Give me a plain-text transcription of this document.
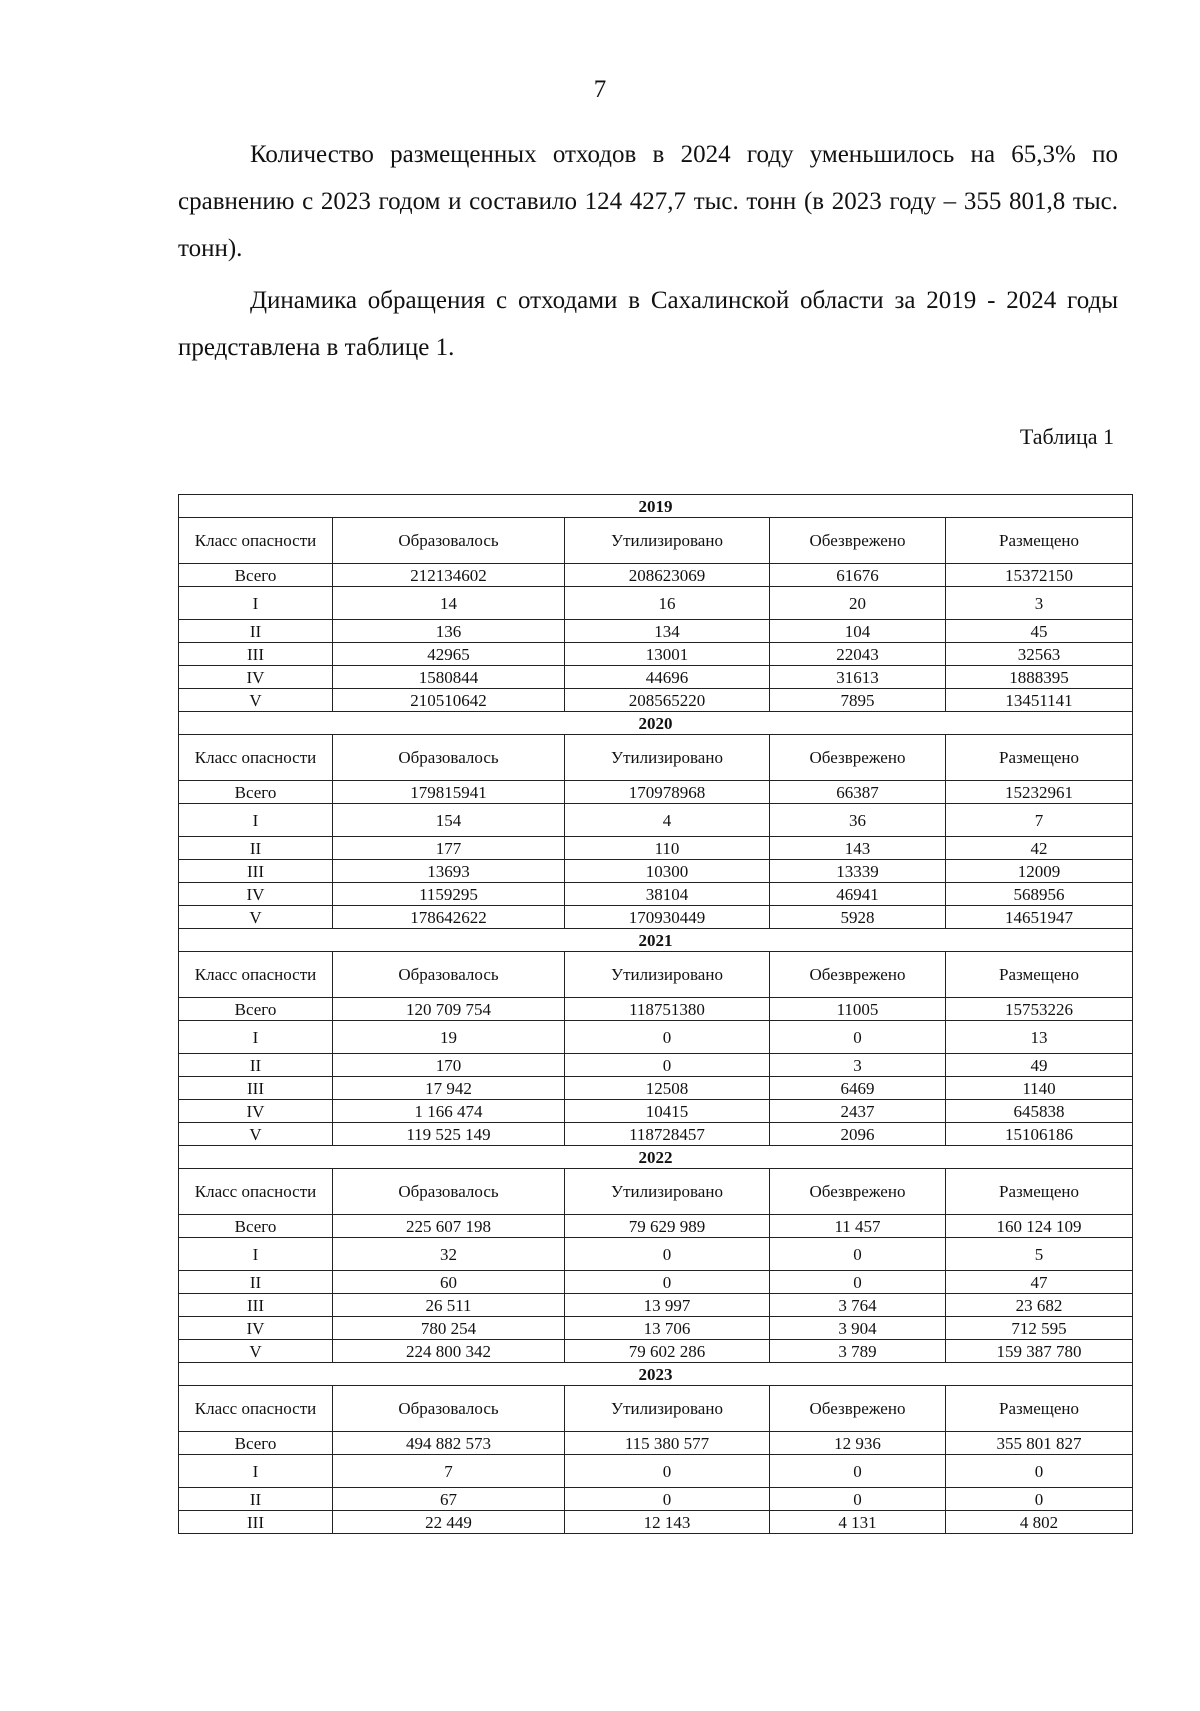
7

Количество размещенных отходов в 2024 году уменьшилось на 65,3% по сравнению с 2023 годом и составило 124 427,7 тыс. тонн (в 2023 году – 355 801,8 тыс. тонн).

Динамика обращения с отходами в Сахалинской области за 2019 - 2024 годы представлена в таблице 1.

Таблица 1
2019				
Класс опасности	Образовалось	Утилизировано	Обезврежено	Размещено
Всего	212134602	208623069	61676	15372150
I	14	16	20	3
II	136	134	104	45
III	42965	13001	22043	32563
IV	1580844	44696	31613	1888395
V	210510642	208565220	7895	13451141
2020				
Класс опасности	Образовалось	Утилизировано	Обезврежено	Размещено
Всего	179815941	170978968	66387	15232961
I	154	4	36	7
II	177	110	143	42
III	13693	10300	13339	12009
IV	1159295	38104	46941	568956
V	178642622	170930449	5928	14651947
2021				
Класс опасности	Образовалось	Утилизировано	Обезврежено	Размещено
Всего	120 709 754	118751380	11005	15753226
I	19	0	0	13
II	170	0	3	49
III	17 942	12508	6469	1140
IV	1 166 474	10415	2437	645838
V	119 525 149	118728457	2096	15106186
2022				
Класс опасности	Образовалось	Утилизировано	Обезврежено	Размещено
Всего	225 607 198	79 629 989	11 457	160 124 109
I	32	0	0	5
II	60	0	0	47
III	26 511	13 997	3 764	23 682
IV	780 254	13 706	3 904	712 595
V	224 800 342	79 602 286	3 789	159 387 780
2023				
Класс опасности	Образовалось	Утилизировано	Обезврежено	Размещено
Всего	494 882 573	115 380 577	12 936	355 801 827
I	7	0	0	0
II	67	0	0	0
III	22 449	12 143	4 131	4 802
